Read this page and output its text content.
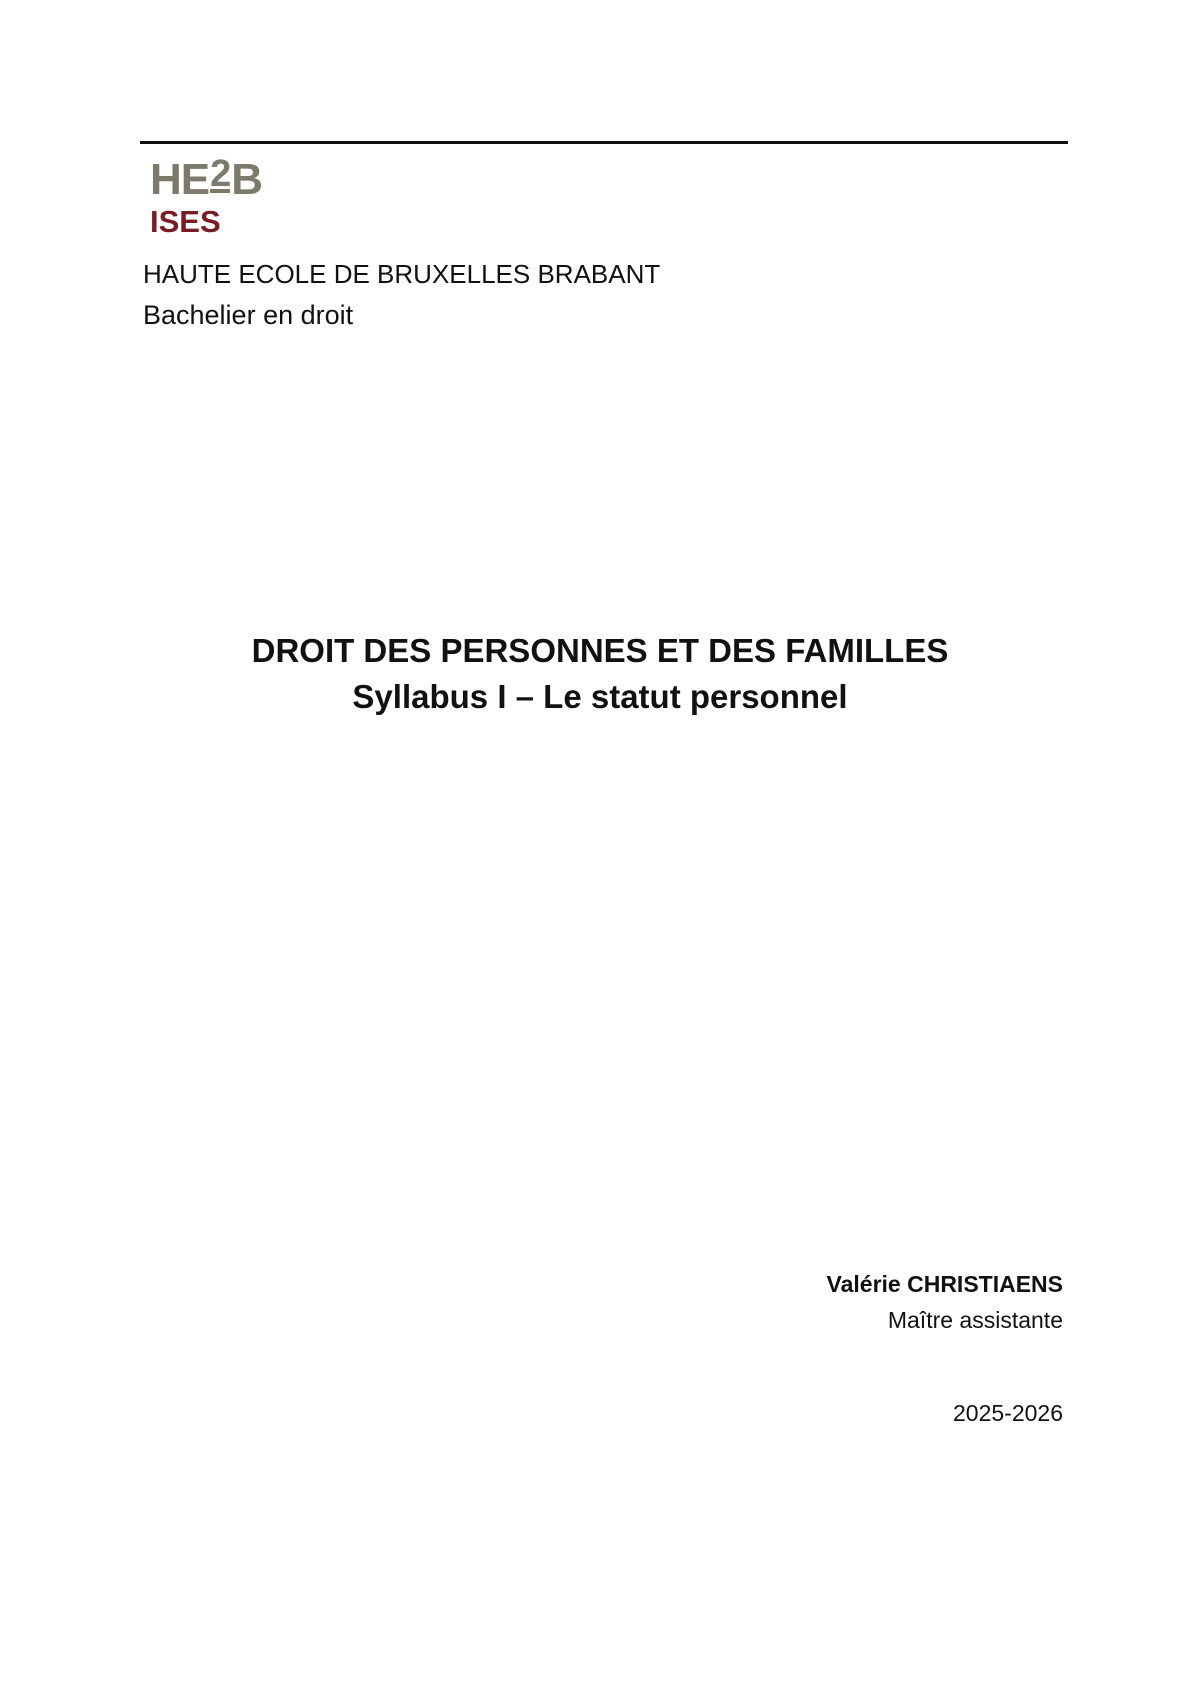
HE2B
ISES
HAUTE ECOLE DE BRUXELLES BRABANT
Bachelier en droit
DROIT DES PERSONNES ET DES FAMILLES
Syllabus I – Le statut personnel
Valérie CHRISTIAENS
Maître assistante
2025-2026
